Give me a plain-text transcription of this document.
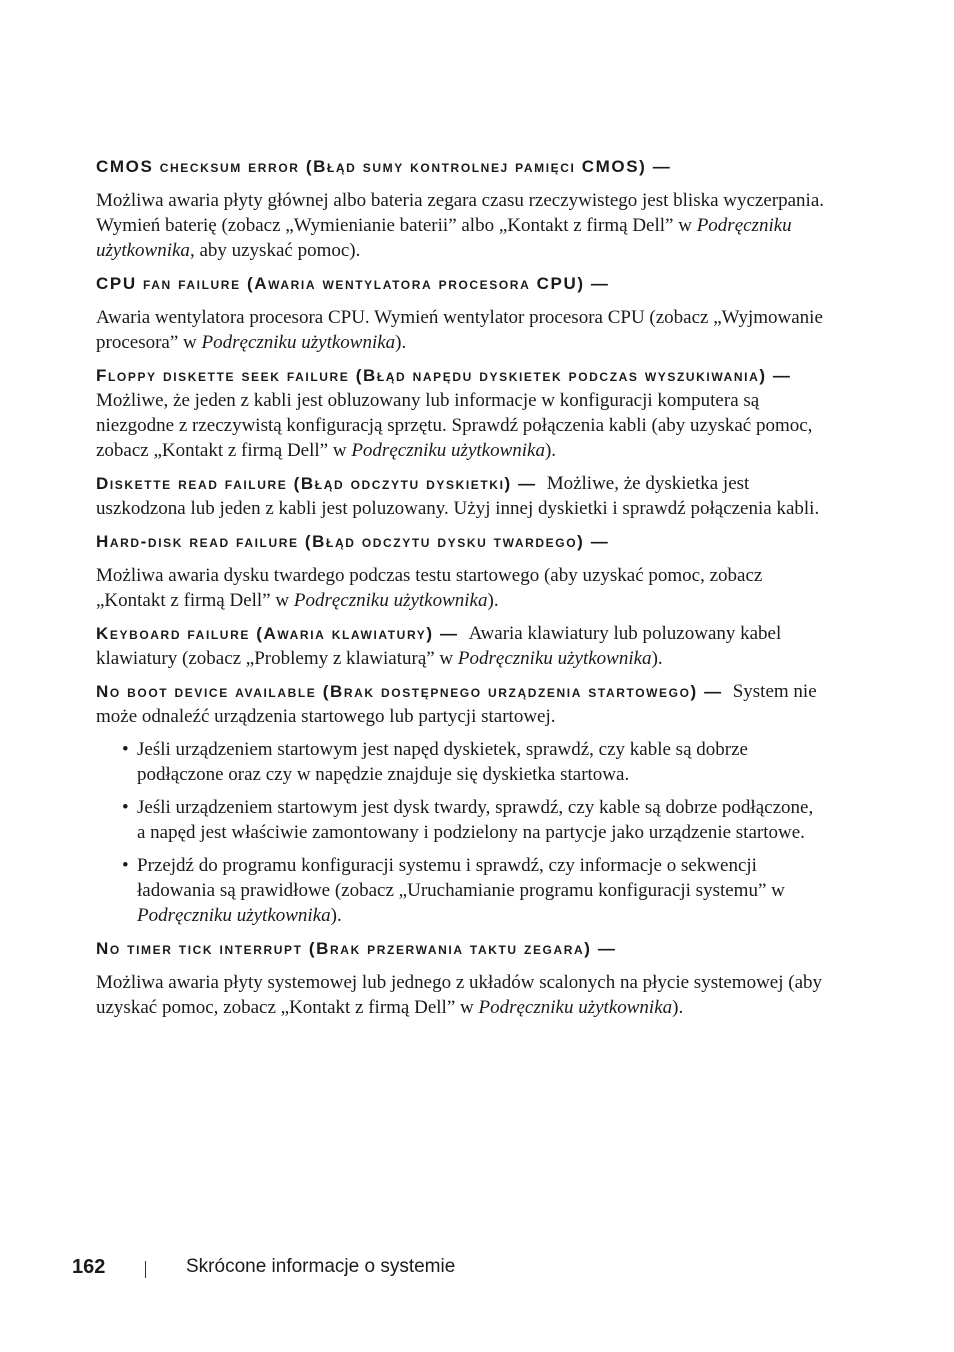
CMOS checksum error (Błąd sumy kontrolnej pamięci CMOS) —

Możliwa awaria płyty głównej albo bateria zegara czasu rzeczywistego jest bliska wyczerpania. Wymień baterię (zobacz „Wymienianie baterii” albo „Kontakt z firmą Dell” w Podręczniku użytkownika, aby uzyskać pomoc).

CPU fan failure (Awaria wentylatora procesora CPU) —

Awaria wentylatora procesora CPU. Wymień wentylator procesora CPU (zobacz „Wyjmowanie procesora” w Podręczniku użytkownika).

Floppy diskette seek failure (Błąd napędu dyskietek podczas wyszukiwania) —Możliwe, że jeden z kabli jest obluzowany lub informacje w konfiguracji komputera są niezgodne z rzeczywistą konfiguracją sprzętu. Sprawdź połączenia kabli (aby uzyskać pomoc, zobacz „Kontakt z firmą Dell” w Podręczniku użytkownika).

Diskette read failure (Błąd odczytu dyskietki) — Możliwe, że dyskietka jest uszkodzona lub jeden z kabli jest poluzowany. Użyj innej dyskietki i sprawdź połączenia kabli.

Hard-disk read failure (Błąd odczytu dysku twardego) —

Możliwa awaria dysku twardego podczas testu startowego (aby uzyskać pomoc, zobacz „Kontakt z firmą Dell” w Podręczniku użytkownika).

Keyboard failure (Awaria klawiatury) — Awaria klawiatury lub poluzowany kabel klawiatury (zobacz „Problemy z klawiaturą” w Podręczniku użytkownika).

No boot device available (Brak dostępnego urządzenia startowego) — System nie może odnaleźć urządzenia startowego lub partycji startowej.

• Jeśli urządzeniem startowym jest napęd dyskietek, sprawdź, czy kable są dobrze podłączone oraz czy w napędzie znajduje się dyskietka startowa.
• Jeśli urządzeniem startowym jest dysk twardy, sprawdź, czy kable są dobrze podłączone, a napęd jest właściwie zamontowany i podzielony na partycje jako urządzenie startowe.
• Przejdź do programu konfiguracji systemu i sprawdź, czy informacje o sekwencji ładowania są prawidłowe (zobacz „Uruchamianie programu konfiguracji systemu” w Podręczniku użytkownika).
No timer tick interrupt (Brak przerwania taktu zegara) —

Możliwa awaria płyty systemowej lub jednego z układów scalonych na płycie systemowej (aby uzyskać pomoc, zobacz „Kontakt z firmą Dell” w Podręczniku użytkownika).

162	Skrócone informacje o systemie
